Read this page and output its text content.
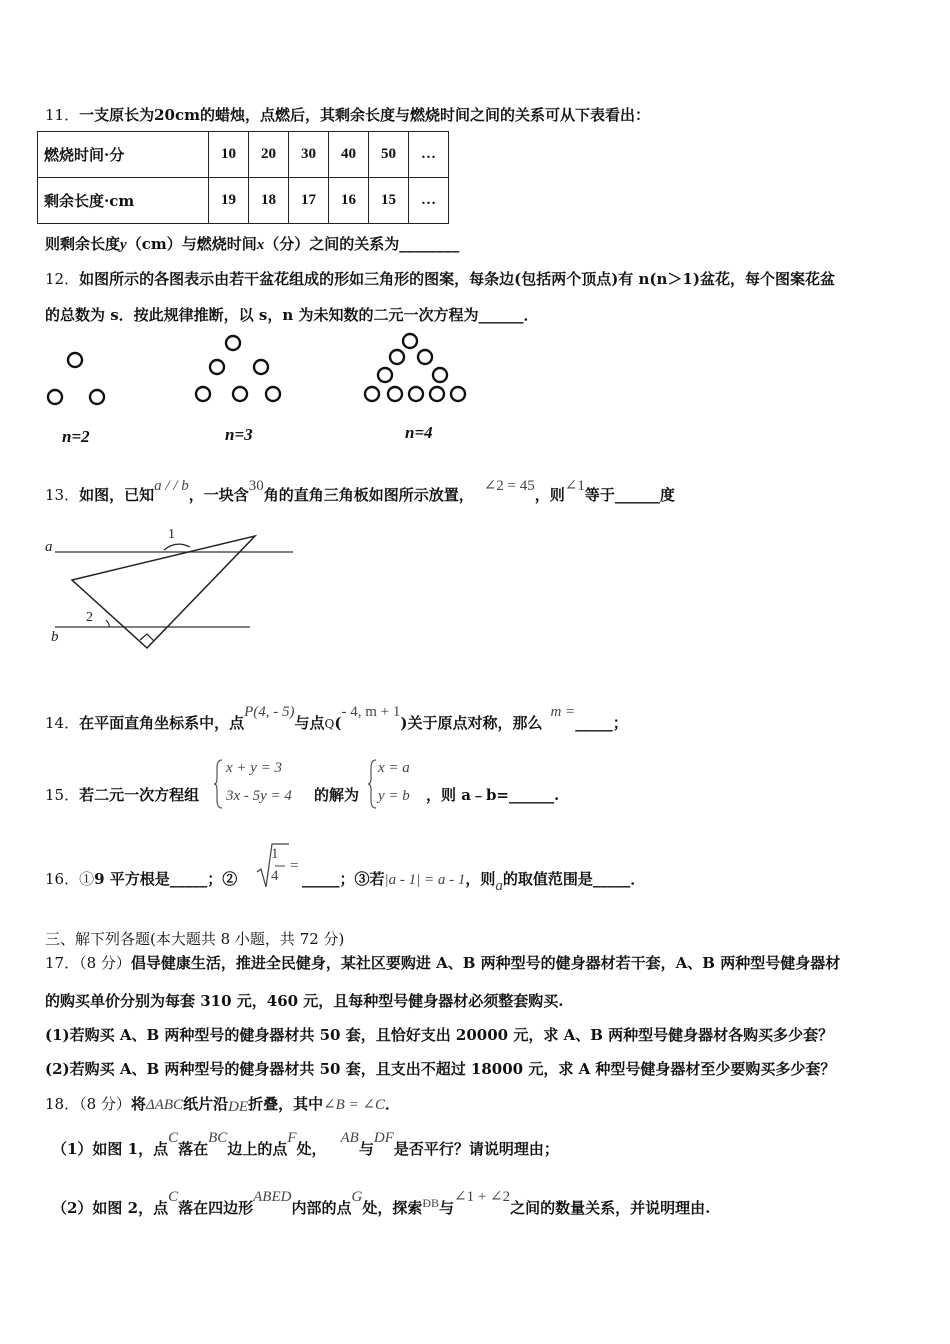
11．一支原长为20cm的蜡烛，点燃后，其剩余长度与燃烧时间之间的关系可从下表看出：
燃烧时间·分	10	20	30	40	50	…
剩余长度·cm	19	18	17	16	15	…
则剩余长度y（cm）与燃烧时间x（分）之间的关系为________
12．如图所示的各图表示由若干盆花组成的形如三角形的图案，每条边(包括两个顶点)有 n(n＞1)盆花，每个图案花盆
的总数为 s．按此规律推断，以 s，n 为未知数的二元一次方程为______．
n=2	n=3	n=4
13．如图，已知a / / b，一块含30角的直角三角板如图所示放置， ∠2 = 45，则∠1等于______度
a
b
1
2
14．在平面直角坐标系中，点P(4, - 5)与点Q(- 4, m + 1)关于原点对称，那么m =_____；
15．若二元一次方程组
x + y = 3
3x - 5y = 4 的解为
x = a
y = b ，则 a﹣b=______.
16．①9 平方根是_____；②
1
4
=
_____；③若|a - 1| = a - 1，则a的取值范围是_____．
三、解下列各题(本大题共 8 小题，共 72 分)
17．（8 分）倡导健康生活，推进全民健身，某社区要购进 A、B 两种型号的健身器材若干套，A、B 两种型号健身器材
的购买单价分别为每套 310 元，460 元，且每种型号健身器材必须整套购买.
(1)若购买 A、B 两种型号的健身器材共 50 套，且恰好支出 20000 元，求 A、B 两种型号健身器材各购买多少套？
(2)若购买 A、B 两种型号的健身器材共 50 套，且支出不超过 18000 元，求 A 种型号健身器材至少要购买多少套？
18．（8 分）将ΔABC纸片沿DE折叠，其中∠B = ∠C．
（1）如图 1，点C落在BC边上的点F处，AB与DF是否平行？请说明理由；
（2）如图 2，点C落在四边形ABED内部的点G处，探索$^{ÐB}$与∠1 + ∠2之间的数量关系，并说明理由.
